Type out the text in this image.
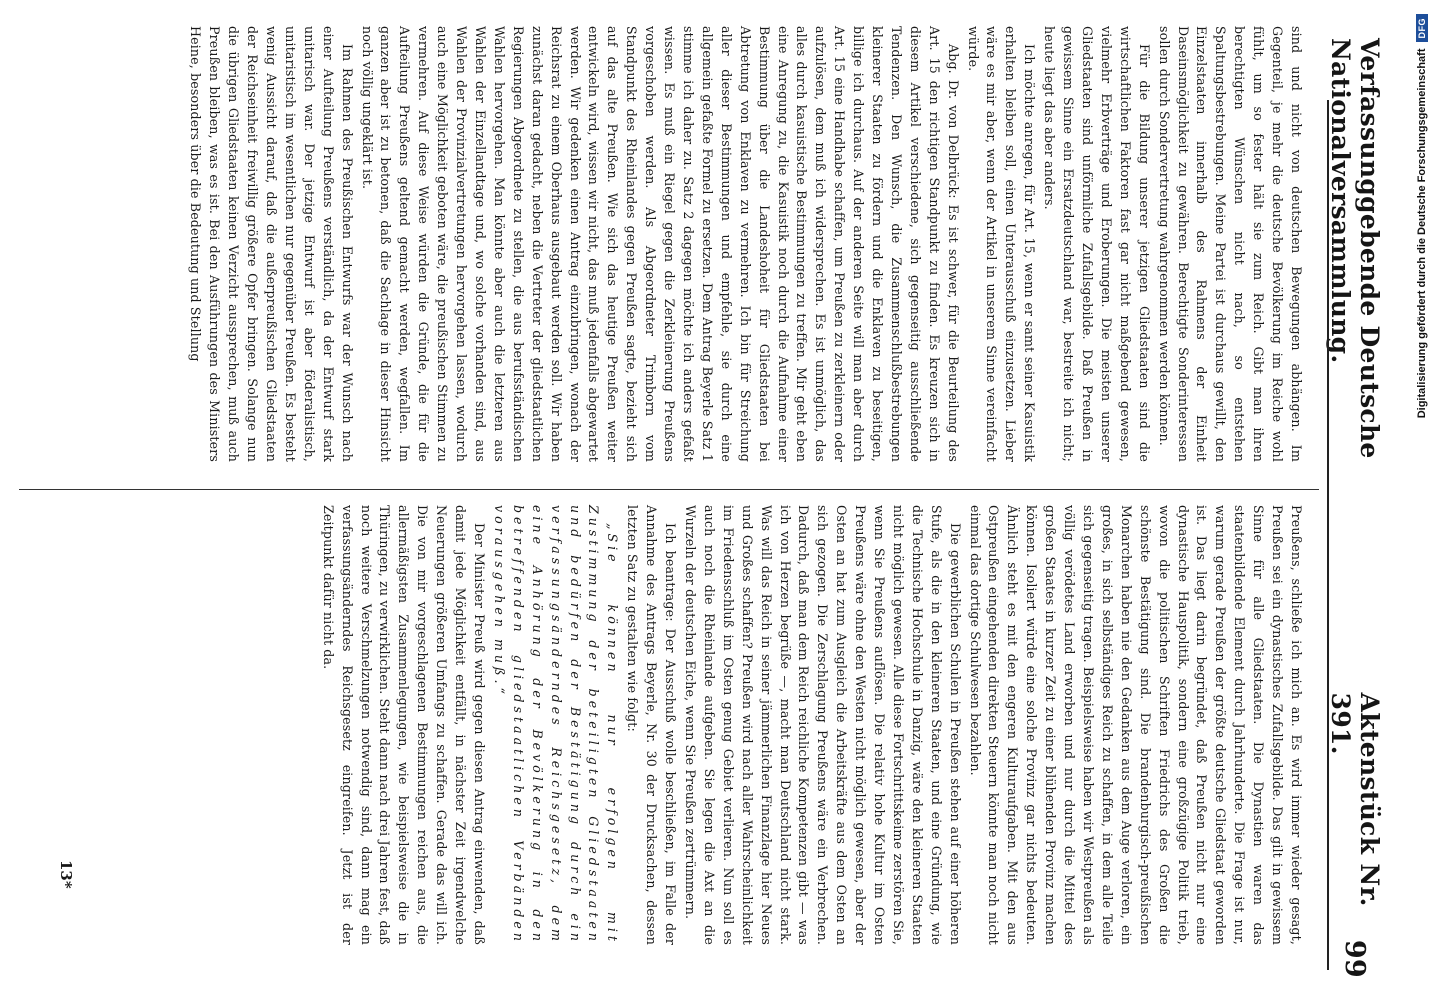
Verfassunggebende Deutsche Nationalversammlung.
Aktenstück Nr. 391.
99

sind und nicht von deutschen Bewegungen abhängen. Im Gegenteil, je mehr die deutsche Bevölkerung im Reiche wohl fühlt, um so fester hält sie zum Reich. Gibt man ihren berechtigten Wünschen nicht nach, so entstehen Spaltungsbestrebungen. Meine Partei ist durchaus gewillt, den Einzelstaaten innerhalb des Rahmens der Einheit Daseinsmöglichkeit zu gewähren. Berechtigte Sonderinteressen sollen durch Sondervertretung wahrgenommen werden können.

Für die Bildung unserer jetzigen Gliedstaaten sind die wirtschaftlichen Faktoren fast gar nicht maßgebend gewesen, vielmehr Erbverträge und Eroberungen. Die meisten unserer Gliedstaaten sind unförmliche Zufallsgebilde. Daß Preußen in gewissem Sinne ein Ersatzdeutschland war, bestreite ich nicht; heute liegt das aber anders.

Ich möchte anregen, für Art. 15, wenn er samt seiner Kasuistik erhalten bleiben soll, einen Unterausschuß einzusetzen. Lieber wäre es mir aber, wenn der Artikel in unserem Sinne vereinfacht würde.

Abg. Dr. von Delbrück: Es ist schwer, für die Beurteilung des Art. 15 den richtigen Standpunkt zu finden. Es kreuzen sich in diesem Artikel verschiedene, sich gegenseitig ausschließende Tendenzen. Den Wunsch, die Zusammenschlußbestrebungen kleinerer Staaten zu fördern und die Enklaven zu beseitigen, billige ich durchaus. Auf der anderen Seite will man aber durch Art. 15 eine Handhabe schaffen, um Preußen zu zerkleinern oder aufzulösen, dem muß ich widersprechen. Es ist unmöglich, das alles durch kasuistische Bestimmungen zu treffen. Mir geht eben eine Anregung zu, die Kasuistik noch durch die Aufnahme einer Bestimmung über die Landeshoheit für Gliedstaaten bei Abtretung von Enklaven zu vermehren. Ich bin für Streichung aller dieser Bestimmungen und empfehle, sie durch eine allgemein gefaßte Formel zu ersetzen. Dem Antrag Beyerle Satz 1 stimme ich daher zu. Satz 2 dagegen möchte ich anders gefaßt wissen. Es muß ein Riegel gegen die Zerkleinerung Preußens vorgeschoben werden. Als Abgeordneter Trimborn vom Standpunkt des Rheinlandes gegen Preußen sagte, bezieht sich auf das alte Preußen. Wie sich das heutige Preußen weiter entwickeln wird, wissen wir nicht, das muß jedenfalls abgewartet werden. Wir gedenken einen Antrag einzubringen, wonach der Reichsrat zu einem Oberhaus ausgebaut werden soll. Wir haben zunächst daran gedacht, neben die Vertreter der gliedstaatlichen Regierungen Abgeordnete zu stellen, die aus berufsständischen Wahlen hervorgehen. Man könnte aber auch die letzteren aus Wahlen der Einzellandtage und, wo solche vorhanden sind, aus Wahlen der Provinzialvertretungen hervorgehen lassen, wodurch auch eine Möglichkeit geboten wäre, die preußischen Stimmen zu vermehren. Auf diese Weise würden die Gründe, die für die Aufteilung Preußens geltend gemacht werden, wegfallen. Im ganzen aber ist zu betonen, daß die Sachlage in dieser Hinsicht noch völlig ungeklärt ist.

Im Rahmen des Preußischen Entwurfs war der Wunsch nach einer Aufteilung Preußens verständlich, da der Entwurf stark unitarisch war. Der jetzige Entwurf ist aber föderalistisch, unitaristisch im wesentlichen nur gegenüber Preußen. Es besteht wenig Aussicht darauf, daß die außerpreußischen Gliedstaaten der Reichseinheit freiwillig größere Opfer bringen. Solange nun die übrigen Gliedstaaten keinen Verzicht aussprechen, muß auch Preußen bleiben, was es ist. Bei den Ausführungen des Ministers Heine, besonders über die Bedeutung und Stellung

Preußens, schließe ich mich an. Es wird immer wieder gesagt, Preußen sei ein dynastisches Zufallsgebilde. Das gilt in gewissem Sinne für alle Gliedstaaten. Die Dynastien waren das staatenbildende Element durch Jahrhunderte. Die Frage ist nur, warum gerade Preußen der größte deutsche Gliedstaat geworden ist. Das liegt darin begründet, daß Preußen nicht nur eine dynastische Hauspolitik, sondern eine großzügige Politik trieb, wovon die politischen Schriften Friedrichs des Großen die schönste Bestätigung sind. Die brandenburgisch-preußischen Monarchen haben nie den Gedanken aus dem Auge verloren, ein großes, in sich selbständiges Reich zu schaffen, in dem alle Teile sich gegenseitig tragen. Beispielsweise haben wir Westpreußen als völlig verödetes Land erworben und nur durch die Mittel des großen Staates in kurzer Zeit zu einer blühenden Provinz machen können. Isoliert würde eine solche Provinz gar nichts bedeuten. Ähnlich steht es mit den engeren Kulturaufgaben. Mit den aus Ostpreußen eingehenden direkten Steuern könnte man noch nicht einmal das dortige Schulwesen bezahlen.

Die gewerblichen Schulen in Preußen stehen auf einer höheren Stufe, als die in den kleineren Staaten, und eine Gründung, wie die Technische Hochschule in Danzig, wäre den kleineren Staaten nicht möglich gewesen. Alle diese Fortschrittskeime zerstören Sie, wenn Sie Preußens auflösen. Die relativ hohe Kultur im Osten Preußens wäre ohne den Westen nicht möglich gewesen, aber der Osten an hat zum Ausgleich die Arbeitskräfte aus dem Osten an sich gezogen. Die Zerschlagung Preußens wäre ein Verbrechen. Dadurch, daß man dem Reich reichliche Kompetenzen gibt — was ich von Herzen begrüße —, macht man Deutschland nicht stark. Was will das Reich in seiner jämmerlichen Finanzlage hier Neues und Großes schaffen? Preußen wird nach aller Wahrscheinlichkeit im Friedensschluß im Osten genug Gebiet verlieren. Nun soll es auch noch die Rheinlande aufgeben. Sie legen die Axt an die Wurzeln der deutschen Eiche, wenn Sie Preußen zertrümmern.

Ich beantrage: Der Ausschuß wolle beschließen, im Falle der Annahme des Antrags Beyerle, Nr. 30 der Drucksachen, dessen letzten Satz zu gestalten wie folgt:

„Sie können nur erfolgen mit Zustimmung der beteiligten Gliedstaaten und bedürfen der Bestätigung durch ein verfassungsänderndes Reichsgesetz, dem eine Anhörung der Bevölkerung in den betreffenden gliedstaatlichen Verbänden vorausgehen muß.“

Der Minister Preuß wird gegen diesen Antrag einwenden, daß damit jede Möglichkeit entfällt, in nächster Zeit irgendwelche Neuerungen größeren Umfangs zu schaffen. Gerade das will ich. Die von mir vorgeschlagenen Bestimmungen reichen aus, die allermäßigsten Zusammenlegungen, wie beispielsweise die in Thüringen, zu verwirklichen. Steht dann nach drei Jahren fest, daß noch weitere Verschmelzungen notwendig sind, dann mag ein verfassungsänderndes Reichsgesetz eingreifen. Jetzt ist der Zeitpunkt dafür nicht da.

13*
Digitalisierung gefördert durch die Deutsche Forschungsgemeinschaft
DFG
